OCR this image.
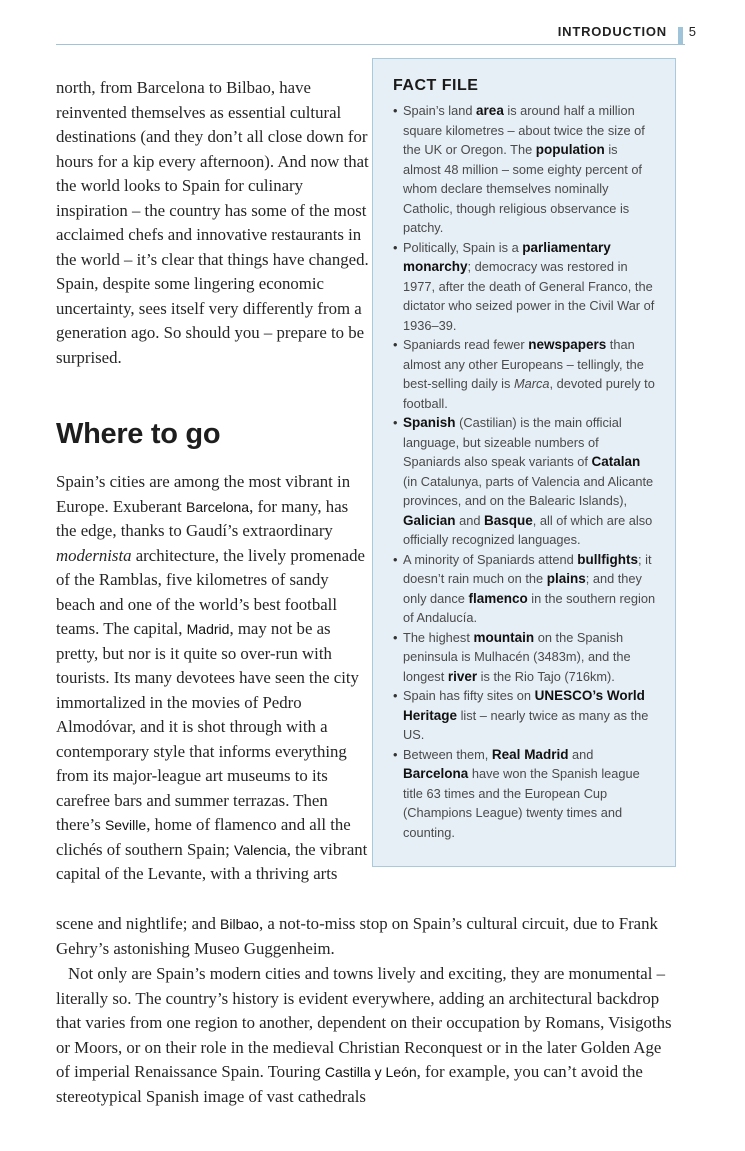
INTRODUCTION 5

north, from Barcelona to Bilbao, have reinvented themselves as essential cultural destinations (and they don’t all close down for hours for a kip every afternoon). And now that the world looks to Spain for culinary inspiration – the country has some of the most acclaimed chefs and innovative restaurants in the world – it’s clear that things have changed. Spain, despite some lingering economic uncertainty, sees itself very differently from a generation ago. So should you – prepare to be surprised.

Where to go

Spain’s cities are among the most vibrant in Europe. Exuberant Barcelona, for many, has the edge, thanks to Gaudí’s extraordinary modernista architecture, the lively promenade of the Ramblas, five kilometres of sandy beach and one of the world’s best football teams. The capital, Madrid, may not be as pretty, but nor is it quite so over-run with tourists. Its many devotees have seen the city immortalized in the movies of Pedro Almodóvar, and it is shot through with a contemporary style that informs everything from its major-league art museums to its carefree bars and summer terrazas. Then there’s Seville, home of flamenco and all the clichés of southern Spain; Valencia, the vibrant capital of the Levante, with a thriving arts

scene and nightlife; and Bilbao, a not-to-miss stop on Spain’s cultural circuit, due to Frank Gehry’s astonishing Museo Guggenheim.

Not only are Spain’s modern cities and towns lively and exciting, they are monumental – literally so. The country’s history is evident everywhere, adding an architectural backdrop that varies from one region to another, dependent on their occupation by Romans, Visigoths or Moors, or on their role in the medieval Christian Reconquest or in the later Golden Age of imperial Renaissance Spain. Touring Castilla y León, for example, you can’t avoid the stereotypical Spanish image of vast cathedrals

FACT FILE
• Spain’s land area is around half a million square kilometres – about twice the size of the UK or Oregon. The population is almost 48 million – some eighty percent of whom declare themselves nominally Catholic, though religious observance is patchy.
• Politically, Spain is a parliamentary monarchy; democracy was restored in 1977, after the death of General Franco, the dictator who seized power in the Civil War of 1936–39.
• Spaniards read fewer newspapers than almost any other Europeans – tellingly, the best-selling daily is Marca, devoted purely to football.
• Spanish (Castilian) is the main official language, but sizeable numbers of Spaniards also speak variants of Catalan (in Catalunya, parts of Valencia and Alicante provinces, and on the Balearic Islands), Galician and Basque, all of which are also officially recognized languages.
• A minority of Spaniards attend bullfights; it doesn’t rain much on the plains; and they only dance flamenco in the southern region of Andalucía.
• The highest mountain on the Spanish peninsula is Mulhacén (3483m), and the longest river is the Rio Tajo (716km).
• Spain has fifty sites on UNESCO’s World Heritage list – nearly twice as many as the US.
• Between them, Real Madrid and Barcelona have won the Spanish league title 63 times and the European Cup (Champions League) twenty times and counting.
